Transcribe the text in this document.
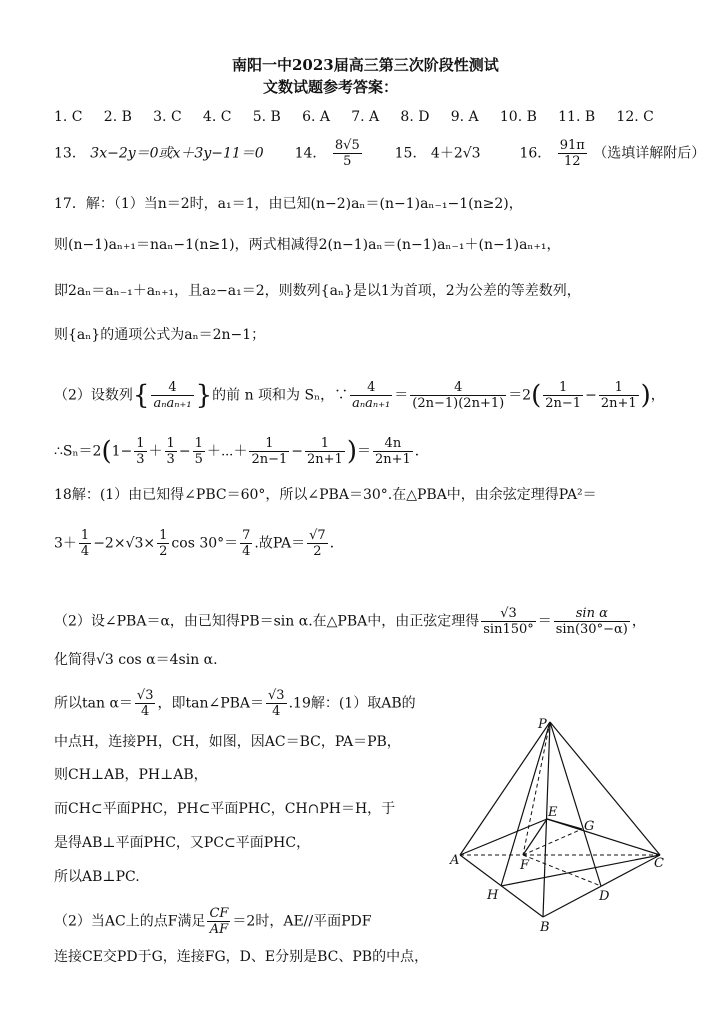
南阳一中2023届高三第三次阶段性测试
文数试题参考答案：
1. C 2. B 3. C 4. C 5. B 6. A 7. A 8. D 9. A 10. B 11. B 12. C
13． 3x−2y＝0或x＋3y−11＝0 14． $\frac{8√5}{5} 15$． 4＋2√3	16． $\frac{91\pi}{12}$ （选填详解附后）
17．解：（1）当n＝2时，a₁＝1，由已知(n−2)aₙ＝(n−1)aₙ₋₁−1(n≥2)，
则(n−1)aₙ₊₁＝naₙ−1(n≥1)，两式相减得2(n−1)aₙ＝(n−1)aₙ₋₁＋(n−1)aₙ₊₁，
即2aₙ＝aₙ₋₁＋aₙ₊₁，且a₂−a₁＝2，则数列{aₙ}是以1为首项，2为公差的等差数列，
则{aₙ}的通项公式为aₙ＝2n−1；
（2）设数列{ $\frac{4}{\text{aₙaₙ₊₁}}$ }的前 n 项和为 Sₙ，∵ $\frac{4}{\text{aₙaₙ₊₁}} = \frac{4}{(2n-1)(2n+1)} =2( \frac{1}{2n-1} - \frac{1}{2n+1}$ )，
∴Sₙ＝2(1− $\frac{1}{3} + \frac{1}{3} - \frac{1}{5}$ ＋⋯＋ $\frac{1}{2n-1} - \frac{1}{2n+1}$ )＝ $\frac{4n}{2n+1}$ ．
18解：(1）由已知得∠PBC＝60°，所以∠PBA＝30°.在△PBA中，由余弦定理得PA²＝
$3+ \frac{1}{4} -2\times√3\times \frac{1}{2}$ $\cos 30^\circ= \frac{7}{4}$ .故$PA= \frac{√7}{2}$ ．
（2）设∠PBA＝α，由已知得PB＝sin α.在△PBA中，由正弦定理得 $\frac{√3}{\sin 150^\circ} = \frac{\text{sin α}}{\sin(30^\circ-\alpha)}$ ，
化简得√3 cos α＝4sin α.
所以$\tan \alpha= \frac{√3}{4}$ ，即tan∠PBA＝ $\frac{√3}{4} .19$解：(1）取AB的
中点H，连接PH，CH，如图，因AC＝BC，PA＝PB，
则CH⊥AB，PH⊥AB，
而CH⊂平面PHC，PH⊂平面PHC，CH∩PH＝H，于
是得AB⊥平面PHC，又PC⊂平面PHC，
所以AB⊥PC.
（2）当AC上的点F满足 $\frac{CF}{AF} =2$时，AE//平面PDF
连接CE交PD于G，连接FG，D、E分别是BC、PB的中点，
P
A
B
C
D
E
F
G
H
